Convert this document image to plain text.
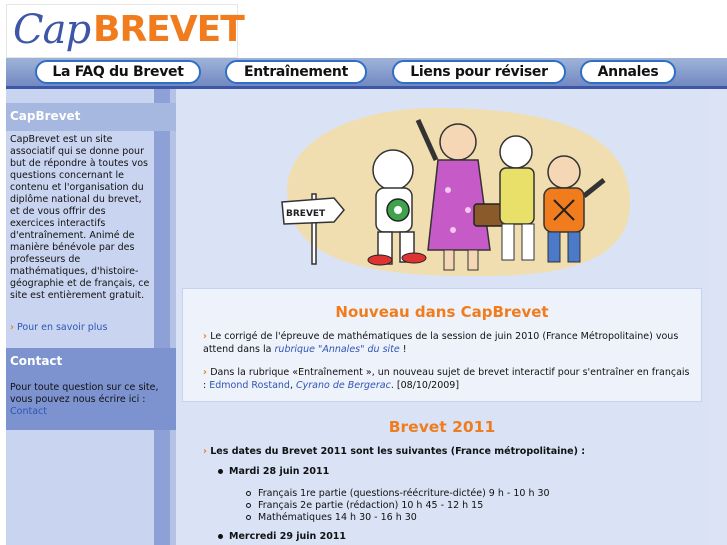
Cap BREVET
La FAQ du Brevet	Entraînement	Liens pour réviser	Annales
CapBrevet
CapBrevet est un site associatif qui se donne pour but de répondre à toutes vos questions concernant le contenu et l'organisation du diplôme national du brevet, et de vous offrir des exercices interactifs d'entraînement. Animé de manière bénévole par des professeurs de mathématiques, d'histoire-géographie et de français, ce site est entièrement gratuit.
› Pour en savoir plus
Contact
Pour toute question sur ce site, vous pouvez nous écrire ici :
Contact
BREVET
Nouveau dans CapBrevet
› Le corrigé de l'épreuve de mathématiques de la session de juin 2010 (France Métropolitaine) vous attend dans la rubrique "Annales" du site !
› Dans la rubrique «Entraînement », un nouveau sujet de brevet interactif pour s'entraîner en français : Edmond Rostand, Cyrano de Bergerac. [08/10/2009]
Brevet 2011
› Les dates du Brevet 2011 sont les suivantes (France métropolitaine) :
Mardi 28 juin 2011
Français 1re partie (questions-réécriture-dictée) 9 h - 10 h 30
Français 2e partie (rédaction) 10 h 45 - 12 h 15
Mathématiques 14 h 30 - 16 h 30
Mercredi 29 juin 2011
